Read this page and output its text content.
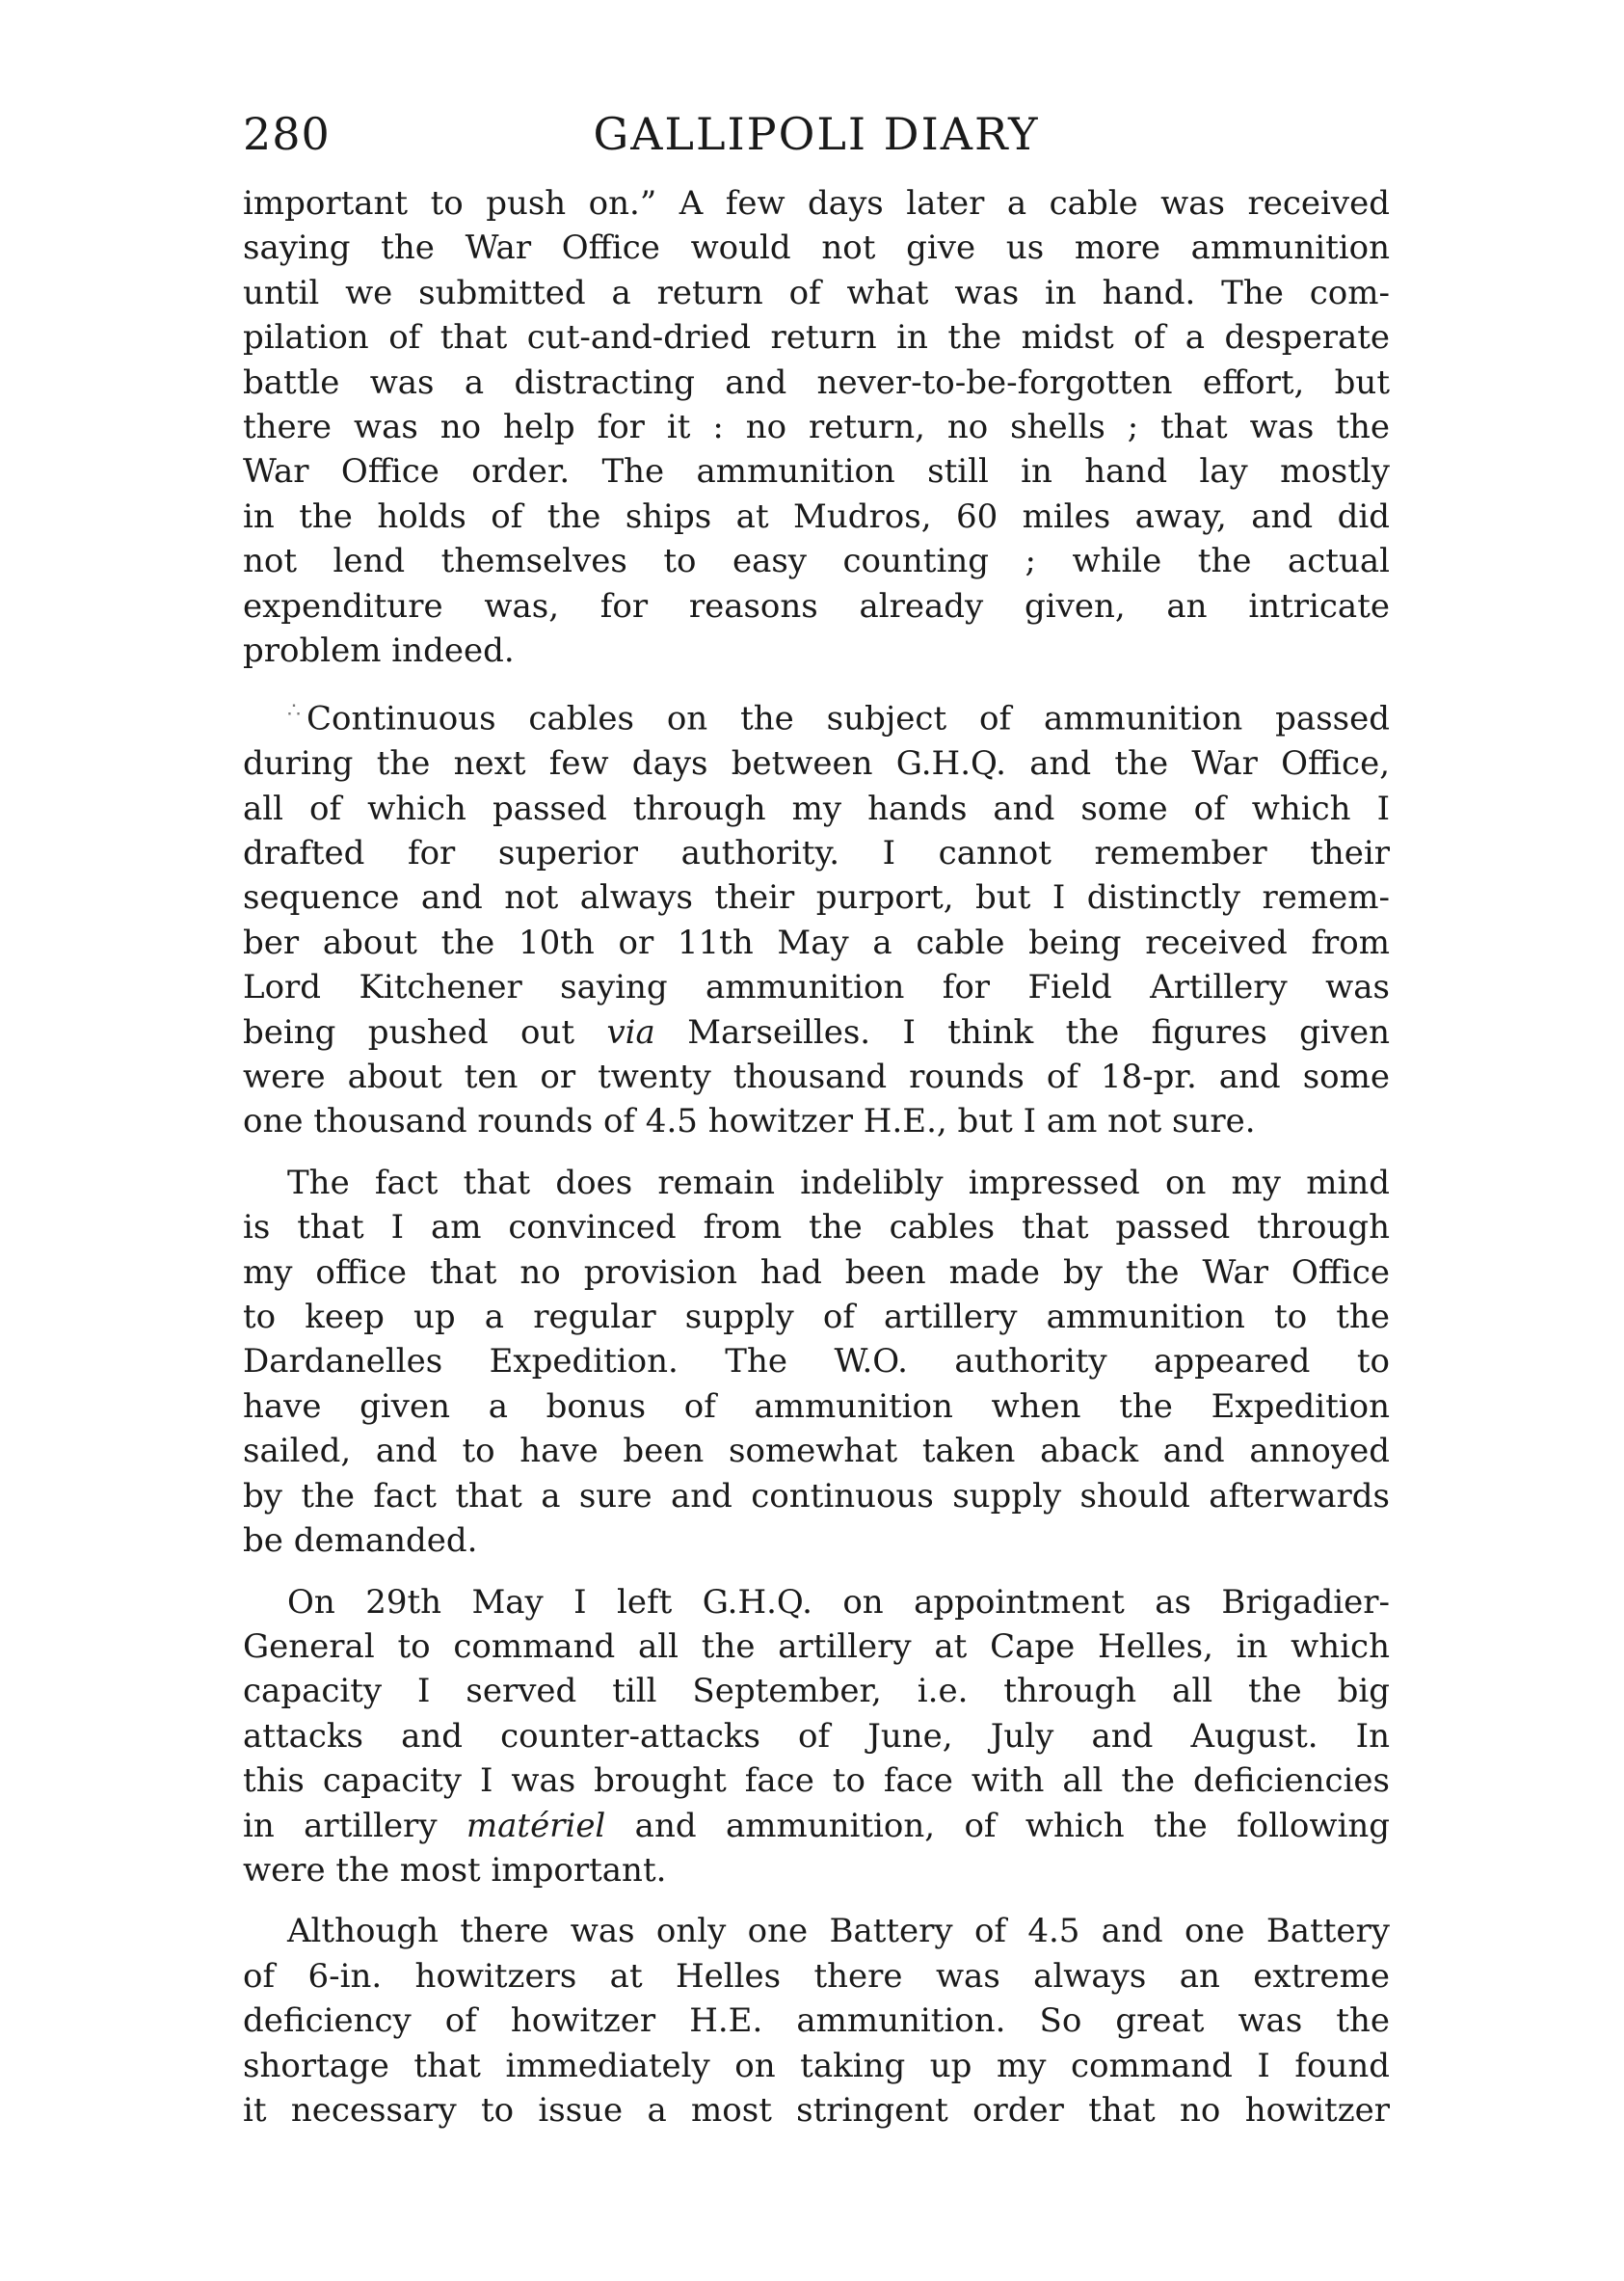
280	GALLIPOLI DIARY
important to push on.” A few days later a cable was received
saying the War Office would not give us more ammunition
until we submitted a return of what was in hand. The com-
pilation of that cut-and-dried return in the midst of a desperate
battle was a distracting and never-to-be-forgotten effort, but
there was no help for it : no return, no shells ; that was the
War Office order. The ammunition still in hand lay mostly
in the holds of the ships at Mudros, 60 miles away, and did
not lend themselves to easy counting ; while the actual
expenditure was, for reasons already given, an intricate
problem indeed.
∴ Continuous cables on the subject of ammunition passed
during the next few days between G.H.Q. and the War Office,
all of which passed through my hands and some of which I
drafted for superior authority. I cannot remember their
sequence and not always their purport, but I distinctly remem-
ber about the 10th or 11th May a cable being received from
Lord Kitchener saying ammunition for Field Artillery was
being pushed out via Marseilles. I think the figures given
were about ten or twenty thousand rounds of 18-pr. and some
one thousand rounds of 4.5 howitzer H.E., but I am not sure.
The fact that does remain indelibly impressed on my mind
is that I am convinced from the cables that passed through
my office that no provision had been made by the War Office
to keep up a regular supply of artillery ammunition to the
Dardanelles Expedition. The W.O. authority appeared to
have given a bonus of ammunition when the Expedition
sailed, and to have been somewhat taken aback and annoyed
by the fact that a sure and continuous supply should afterwards
be demanded.
On 29th May I left G.H.Q. on appointment as Brigadier-
General to command all the artillery at Cape Helles, in which
capacity I served till September, i.e. through all the big
attacks and counter-attacks of June, July and August. In
this capacity I was brought face to face with all the deficiencies
in artillery matériel and ammunition, of which the following
were the most important.
Although there was only one Battery of 4.5 and one Battery
of 6-in. howitzers at Helles there was always an extreme
deficiency of howitzer H.E. ammunition. So great was the
shortage that immediately on taking up my command I found
it necessary to issue a most stringent order that no howitzer
